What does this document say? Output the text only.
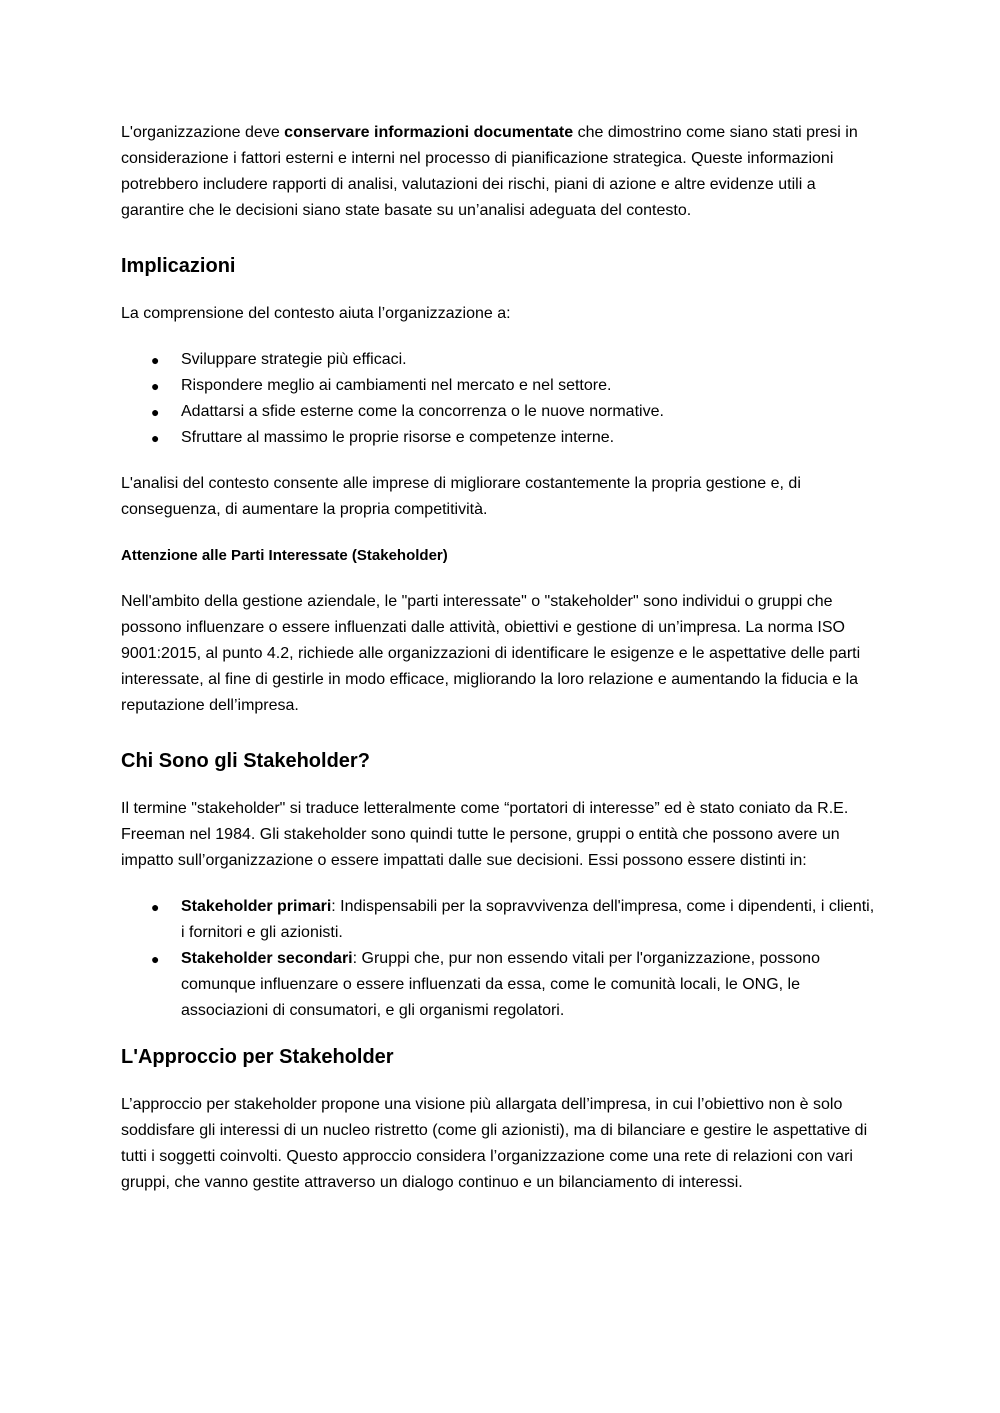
L'organizzazione deve conservare informazioni documentate che dimostrino come siano stati presi in considerazione i fattori esterni e interni nel processo di pianificazione strategica. Queste informazioni potrebbero includere rapporti di analisi, valutazioni dei rischi, piani di azione e altre evidenze utili a garantire che le decisioni siano state basate su un’analisi adeguata del contesto.

Implicazioni

La comprensione del contesto aiuta l’organizzazione a:

● Sviluppare strategie più efficaci.
● Rispondere meglio ai cambiamenti nel mercato e nel settore.
● Adattarsi a sfide esterne come la concorrenza o le nuove normative.
● Sfruttare al massimo le proprie risorse e competenze interne.

L'analisi del contesto consente alle imprese di migliorare costantemente la propria gestione e, di conseguenza, di aumentare la propria competitività.

Attenzione alle Parti Interessate (Stakeholder)

Nell'ambito della gestione aziendale, le "parti interessate" o "stakeholder" sono individui o gruppi che possono influenzare o essere influenzati dalle attività, obiettivi e gestione di un’impresa. La norma ISO 9001:2015, al punto 4.2, richiede alle organizzazioni di identificare le esigenze e le aspettative delle parti interessate, al fine di gestirle in modo efficace, migliorando la loro relazione e aumentando la fiducia e la reputazione dell’impresa.

Chi Sono gli Stakeholder?

Il termine "stakeholder" si traduce letteralmente come “portatori di interesse” ed è stato coniato da R.E. Freeman nel 1984. Gli stakeholder sono quindi tutte le persone, gruppi o entità che possono avere un impatto sull’organizzazione o essere impattati dalle sue decisioni. Essi possono essere distinti in:

● Stakeholder primari: Indispensabili per la sopravvivenza dell'impresa, come i dipendenti, i clienti, i fornitori e gli azionisti.
● Stakeholder secondari: Gruppi che, pur non essendo vitali per l'organizzazione, possono comunque influenzare o essere influenzati da essa, come le comunità locali, le ONG, le associazioni di consumatori, e gli organismi regolatori.
L'Approccio per Stakeholder

L’approccio per stakeholder propone una visione più allargata dell’impresa, in cui l’obiettivo non è solo soddisfare gli interessi di un nucleo ristretto (come gli azionisti), ma di bilanciare e gestire le aspettative di tutti i soggetti coinvolti. Questo approccio considera l’organizzazione come una rete di relazioni con vari gruppi, che vanno gestite attraverso un dialogo continuo e un bilanciamento di interessi.
